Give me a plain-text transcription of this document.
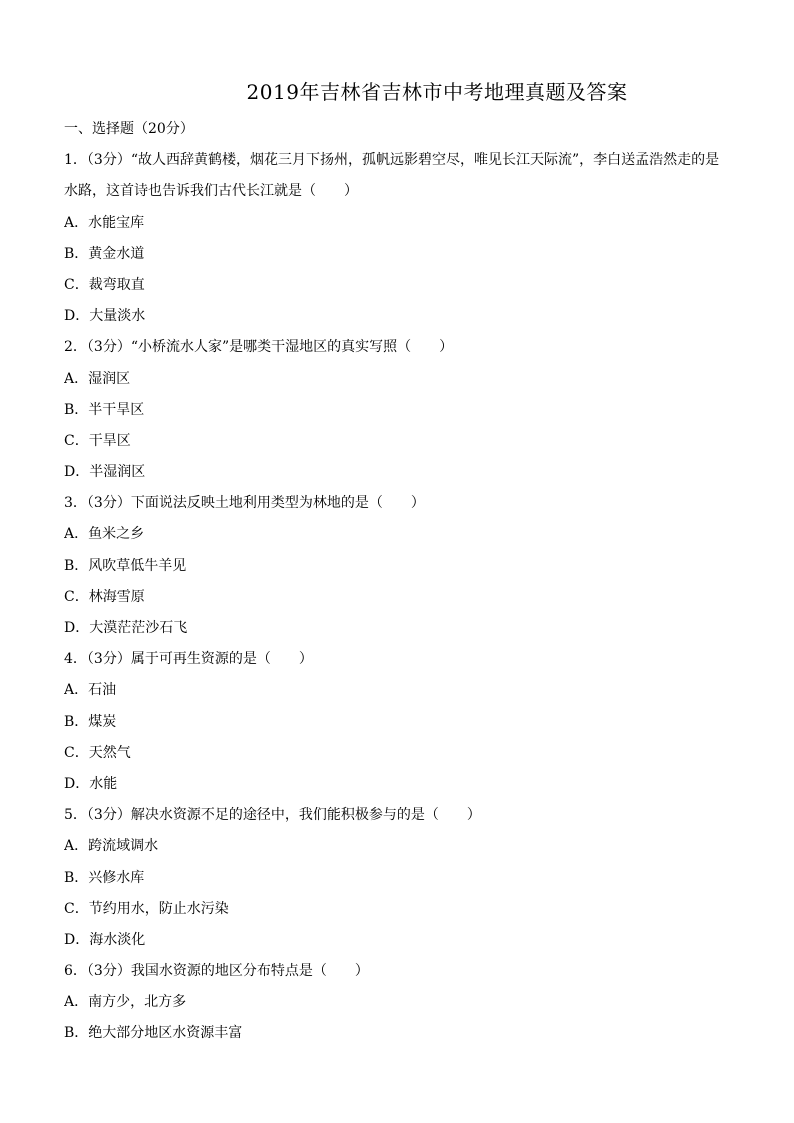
2019年吉林省吉林市中考地理真题及答案
一、选择题（20分）
1．（3分）“故人西辞黄鹤楼，烟花三月下扬州，孤帆远影碧空尽，唯见长江天际流”，李白送孟浩然走的是
水路，这首诗也告诉我们古代长江就是（　　）
A．水能宝库
B．黄金水道
C．裁弯取直
D．大量淡水
2．（3分）“小桥流水人家”是哪类干湿地区的真实写照（　　）
A．湿润区
B．半干旱区
C．干旱区
D．半湿润区
3．（3分）下面说法反映土地利用类型为林地的是（　　）
A．鱼米之乡
B．风吹草低牛羊见
C．林海雪原
D．大漠茫茫沙石飞
4．（3分）属于可再生资源的是（　　）
A．石油
B．煤炭
C．天然气
D．水能
5．（3分）解决水资源不足的途径中，我们能积极参与的是（　　）
A．跨流域调水
B．兴修水库
C．节约用水，防止水污染
D．海水淡化
6．（3分）我国水资源的地区分布特点是（　　）
A．南方少，北方多
B．绝大部分地区水资源丰富
